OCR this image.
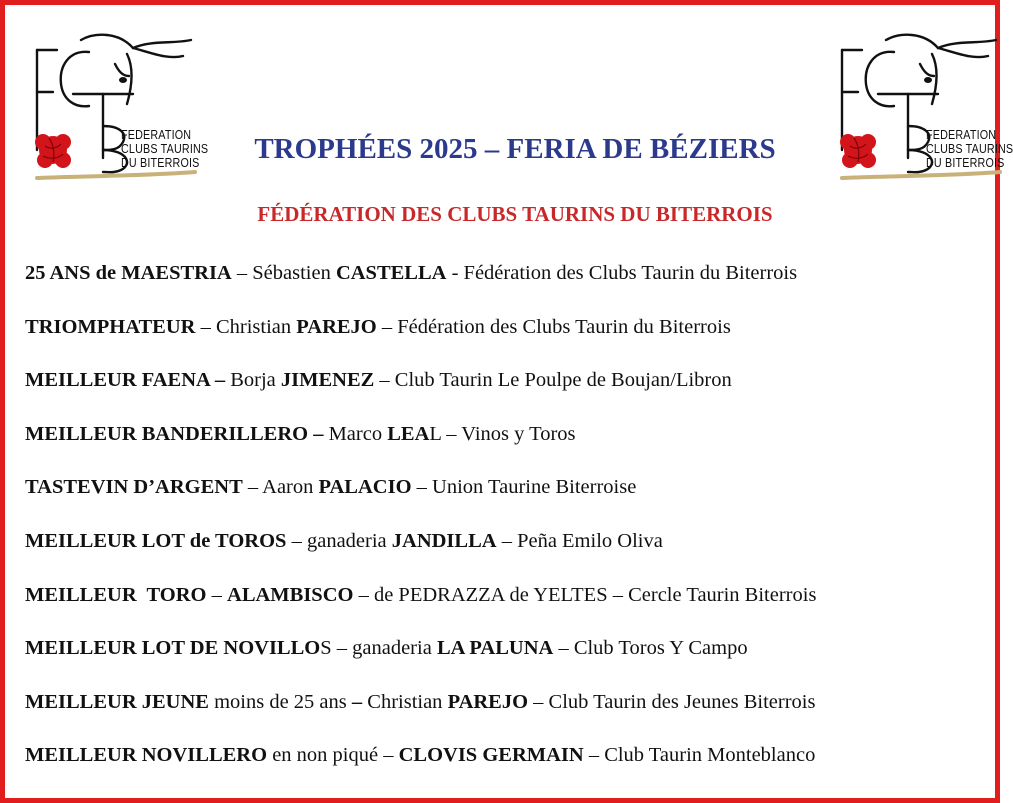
FEDERATION
CLUBS TAURINS
DU BITERROIS
FEDERATION
CLUBS TAURINS
DU BITERROIS
TROPHÉES 2025 – FERIA DE BÉZIERS
FÉDÉRATION DES CLUBS TAURINS DU BITERROIS
25 ANS de MAESTRIA – Sébastien CASTELLA - Fédération des Clubs Taurin du Biterrois
TRIOMPHATEUR – Christian PAREJO – Fédération des Clubs Taurin du Biterrois
MEILLEUR FAENA – Borja JIMENEZ – Club Taurin Le Poulpe de Boujan/Libron
MEILLEUR BANDERILLERO – Marco LEAL – Vinos y Toros
TASTEVIN D’ARGENT – Aaron PALACIO – Union Taurine Biterroise
MEILLEUR LOT de TOROS – ganaderia JANDILLA – Peña Emilo Oliva
MEILLEUR  TORO – ALAMBISCO – de PEDRAZZA de YELTES – Cercle Taurin Biterrois
MEILLEUR LOT DE NOVILLOS – ganaderia LA PALUNA – Club Toros Y Campo
MEILLEUR JEUNE moins de 25 ans – Christian PAREJO – Club Taurin des Jeunes Biterrois
MEILLEUR NOVILLERO en non piqué – CLOVIS GERMAIN – Club Taurin Monteblanco
